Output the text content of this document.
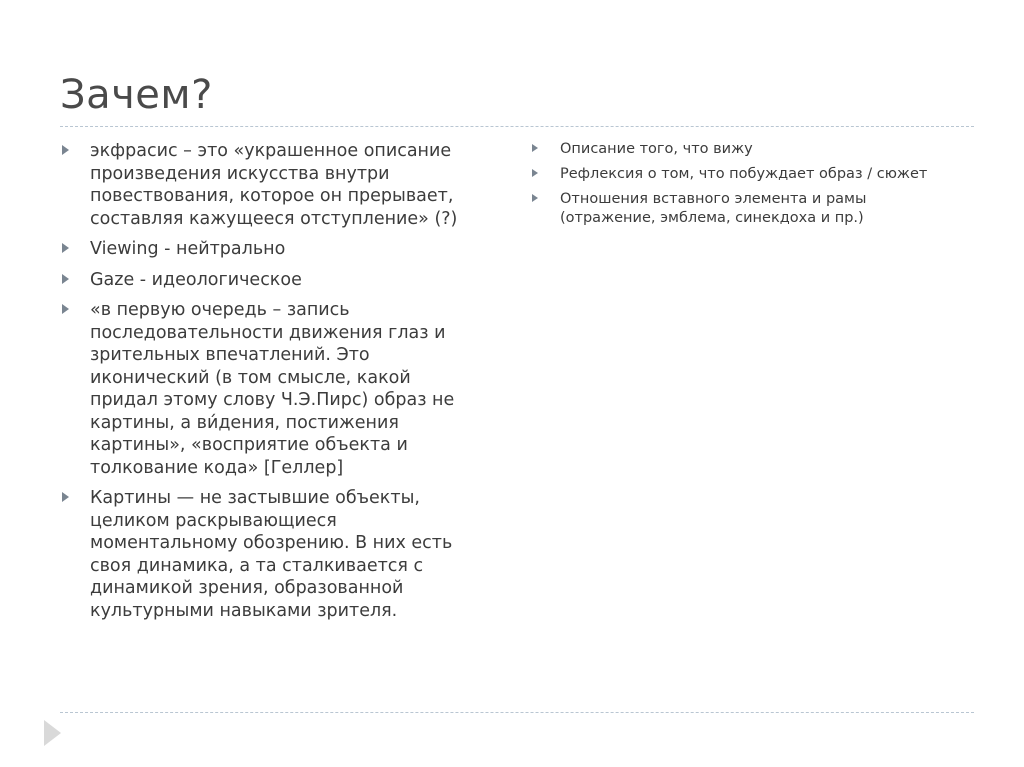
Зачем?
экфрасис – это «украшенное описание произведения искусства внутри повествования, которое он прерывает, составляя кажущееся отступление» (?)
Viewing - нейтрально
Gaze - идеологическое
«в первую очередь – запись последовательности движения глаз и зрительных впечатлений. Это иконический (в том смысле, какой придал этому слову Ч.Э.Пирс) образ не картины, а ви́дения, постижения картины», «восприятие объекта и толкование кода» [Геллер]
Картины — не застывшие объекты, целиком раскрывающиеся моментальному обозрению. В них есть своя динамика, а та сталкивается с динамикой зрения, образованной культурными навыками зрителя.
Описание того, что вижу
Рефлексия о том, что побуждает образ / сюжет
Отношения вставного элемента и рамы (отражение, эмблема, синекдоха и пр.)
